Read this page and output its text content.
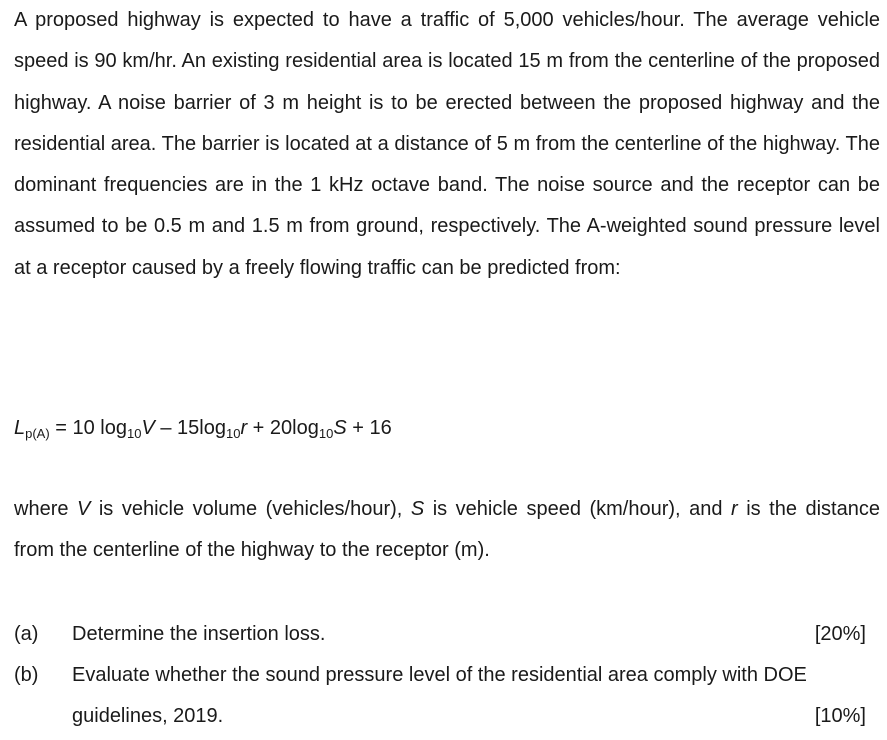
A proposed highway is expected to have a traffic of 5,000 vehicles/hour. The average vehicle speed is 90 km/hr. An existing residential area is located 15 m from the centerline of the proposed highway. A noise barrier of 3 m height is to be erected between the proposed highway and the residential area. The barrier is located at a distance of 5 m from the centerline of the highway. The dominant frequencies are in the 1 kHz octave band. The noise source and the receptor can be assumed to be 0.5 m and 1.5 m from ground, respectively. The A-weighted sound pressure level at a receptor caused by a freely flowing traffic can be predicted from:

$L_{p(A)} = 10$ $\log_{10}V - 15\log_{10}r + 20\log_{10}S + 16$
where V is vehicle volume (vehicles/hour), S is vehicle speed (km/hour), and r is the distance from the centerline of the highway to the receptor (m).
(a) Determine the insertion loss.	[20%]
(b) Evaluate whether the sound pressure level of the residential area comply with DOE guidelines, 2019.	[10%]
